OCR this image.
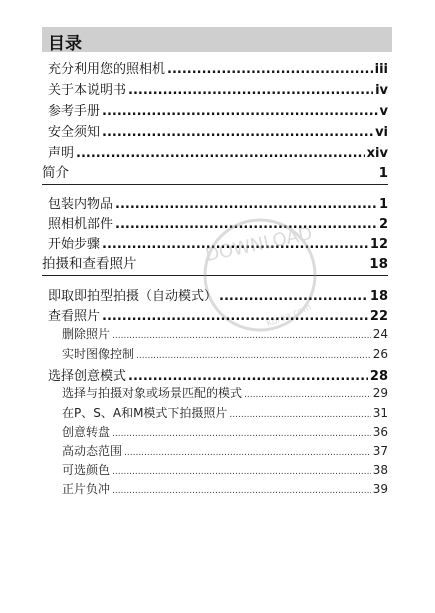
目录
充分利用您的照相机 .....	iii
关于本说明书 .....	iv
参考手册 .....	v
安全须知 .....	vi
声明 .....	xiv
简介	1
包装内物品 .....	1
照相机部件 .....	2
开始步骤 .....	12
拍摄和查看照片	18
DOWNLOAD
Korea.com
即取即拍型拍摄（自动模式） .....	18
查看照片 .....	22
删除照片 .....	24
实时图像控制 .....	26
选择创意模式 .....	28
选择与拍摄对象或场景匹配的模式 .....	29
在P、S、A和M模式下拍摄照片 .....	31
创意转盘 .....	36
高动态范围 .....	37
可选颜色 .....	38
正片负冲 .....	39
